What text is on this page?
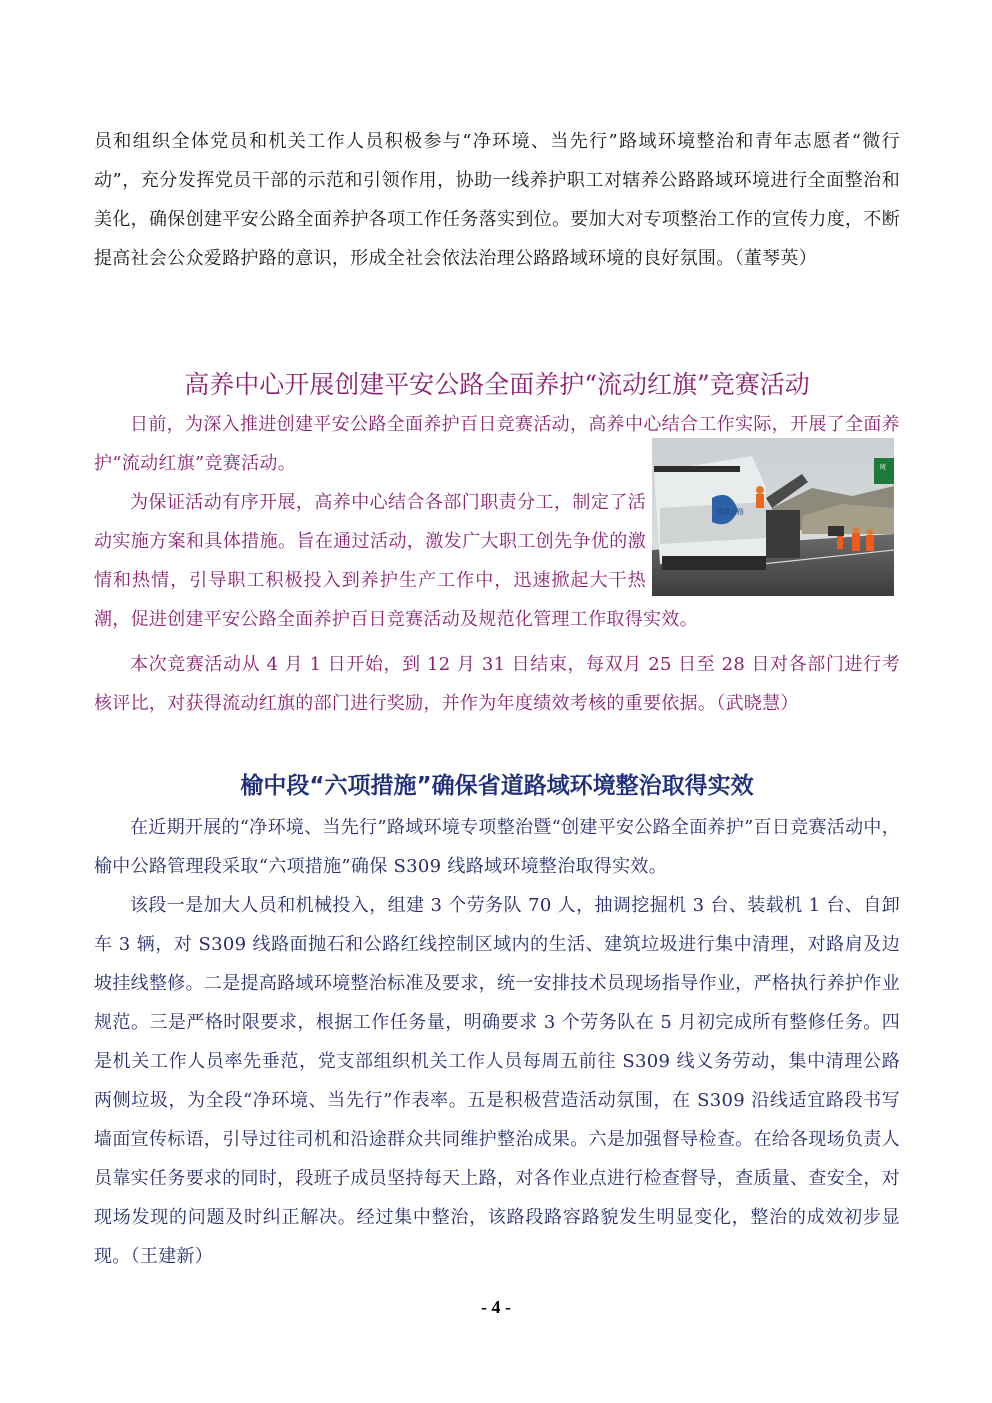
员和组织全体党员和机关工作人员积极参与“净环境、当先行”路域环境整治和青年志愿者“微行动”，充分发挥党员干部的示范和引领作用，协助一线养护职工对辖养公路路域环境进行全面整治和美化，确保创建平安公路全面养护各项工作任务落实到位。要加大对专项整治工作的宣传力度，不断提高社会公众爱路护路的意识，形成全社会依法治理公路路域环境的良好氛围。（董琴英）

高养中心开展创建平安公路全面养护“流动红旗”竞赛活动

日前，为深入推进创建平安公路全面养护百日竞赛活动，高养中心结合工作实际，开展了全面养护“流动红旗”竞赛活动。

为保证活动有序开展，高养中心结合各部门职责分工，制定了活动实施方案和具体措施。旨在通过活动，激发广大职工创先争优的激情和热情，引导职工积极投入到养护生产工作中，迅速掀起大干热潮，促进创建平安公路全面养护百日竞赛活动及规范化管理工作取得实效。

本次竞赛活动从 4 月 1 日开始，到 12 月 31 日结束，每双月 25 日至 28 日对各部门进行考核评比，对获得流动红旗的部门进行奖励，并作为年度绩效考核的重要依据。（武晓慧）

陇
甘肃公路
榆中段“六项措施”确保省道路域环境整治取得实效

在近期开展的“净环境、当先行”路域环境专项整治暨“创建平安公路全面养护”百日竞赛活动中，榆中公路管理段采取“六项措施”确保 S309 线路域环境整治取得实效。

该段一是加大人员和机械投入，组建 3 个劳务队 70 人，抽调挖掘机 3 台、装载机 1 台、自卸车 3 辆，对 S309 线路面抛石和公路红线控制区域内的生活、建筑垃圾进行集中清理，对路肩及边坡挂线整修。二是提高路域环境整治标准及要求，统一安排技术员现场指导作业，严格执行养护作业规范。三是严格时限要求，根据工作任务量，明确要求 3 个劳务队在 5 月初完成所有整修任务。四是机关工作人员率先垂范，党支部组织机关工作人员每周五前往 S309 线义务劳动，集中清理公路两侧垃圾，为全段“净环境、当先行”作表率。五是积极营造活动氛围，在 S309 沿线适宜路段书写墙面宣传标语，引导过往司机和沿途群众共同维护整治成果。六是加强督导检查。在给各现场负责人员靠实任务要求的同时，段班子成员坚持每天上路，对各作业点进行检查督导，查质量、查安全，对现场发现的问题及时纠正解决。经过集中整治，该路段路容路貌发生明显变化，整治的成效初步显现。（王建新）

- 4 -
